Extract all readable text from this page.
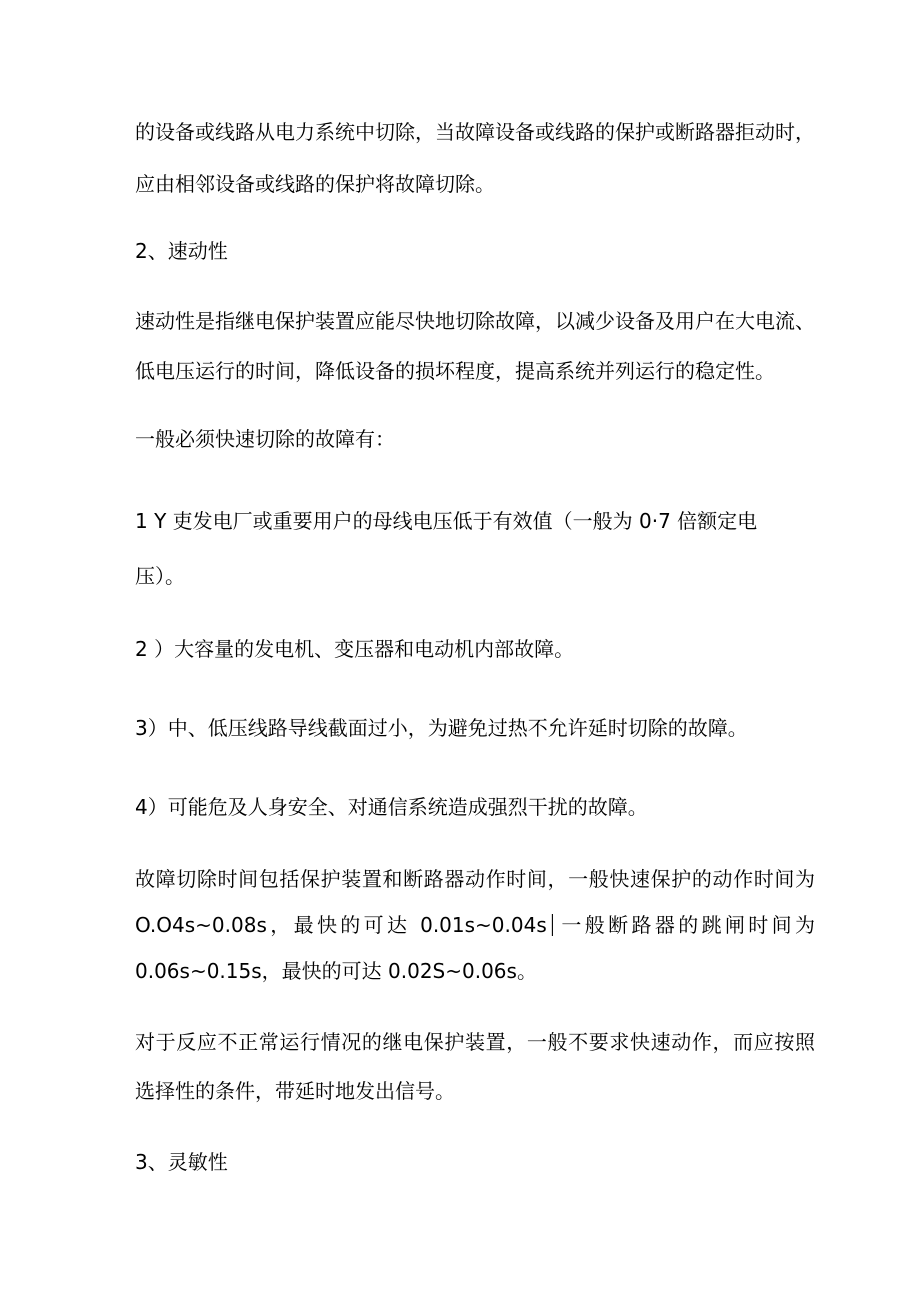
的设备或线路从电力系统中切除，当故障设备或线路的保护或断路器拒动时，
应由相邻设备或线路的保护将故障切除。
2、速动性
速动性是指继电保护装置应能尽快地切除故障，以减少设备及用户在大电流、
低电压运行的时间，降低设备的损坏程度，提高系统并列运行的稳定性。
一般必须快速切除的故障有：
1 Y 吏发电厂或重要用户的母线电压低于有效值（一般为 0·7 倍额定电
压）。
2 ）大容量的发电机、变压器和电动机内部故障。
3）中、低压线路导线截面过小，为避免过热不允许延时切除的故障。
4）可能危及人身安全、对通信系统造成强烈干扰的故障。
故障切除时间包括保护装置和断路器动作时间，一般快速保护的动作时间为
O.O4s~0.08s，最快的可达 0.01s~0.04s⏐一般断路器的跳闸时间为
0.06s~0.15s，最快的可达 0.02S~0.06s。
对于反应不正常运行情况的继电保护装置，一般不要求快速动作，而应按照
选择性的条件，带延时地发出信号。
3、灵敏性
